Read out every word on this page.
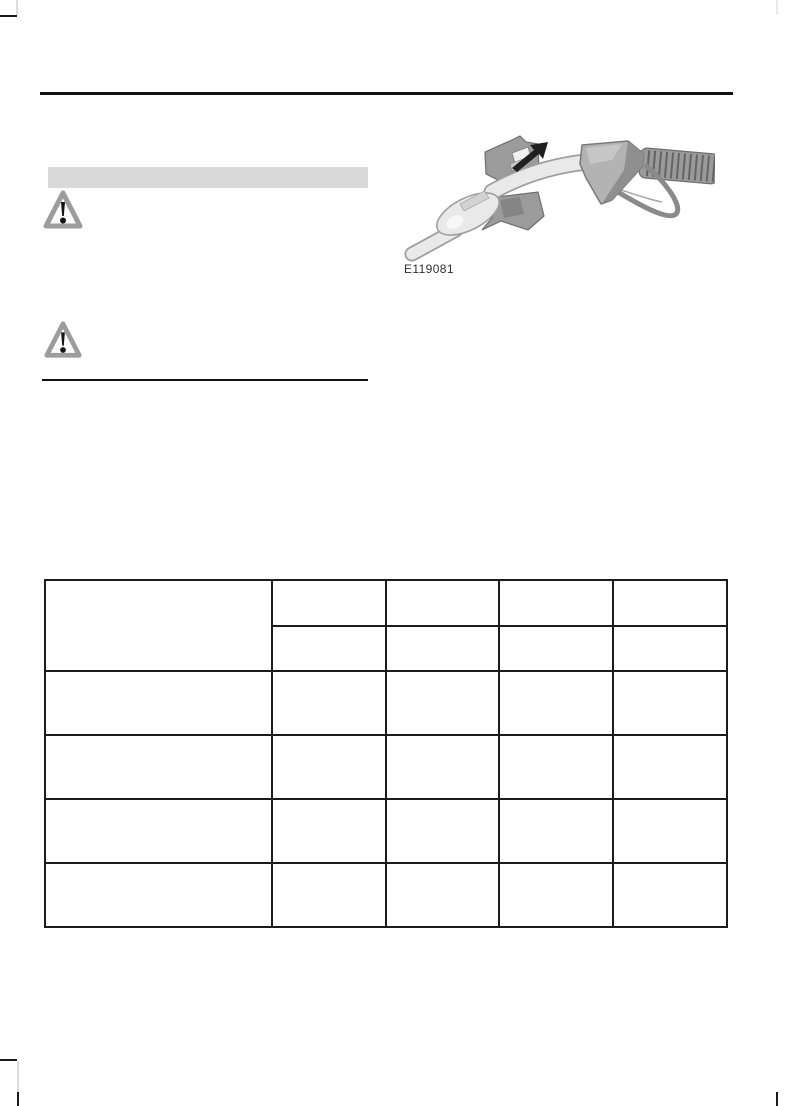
E119081
